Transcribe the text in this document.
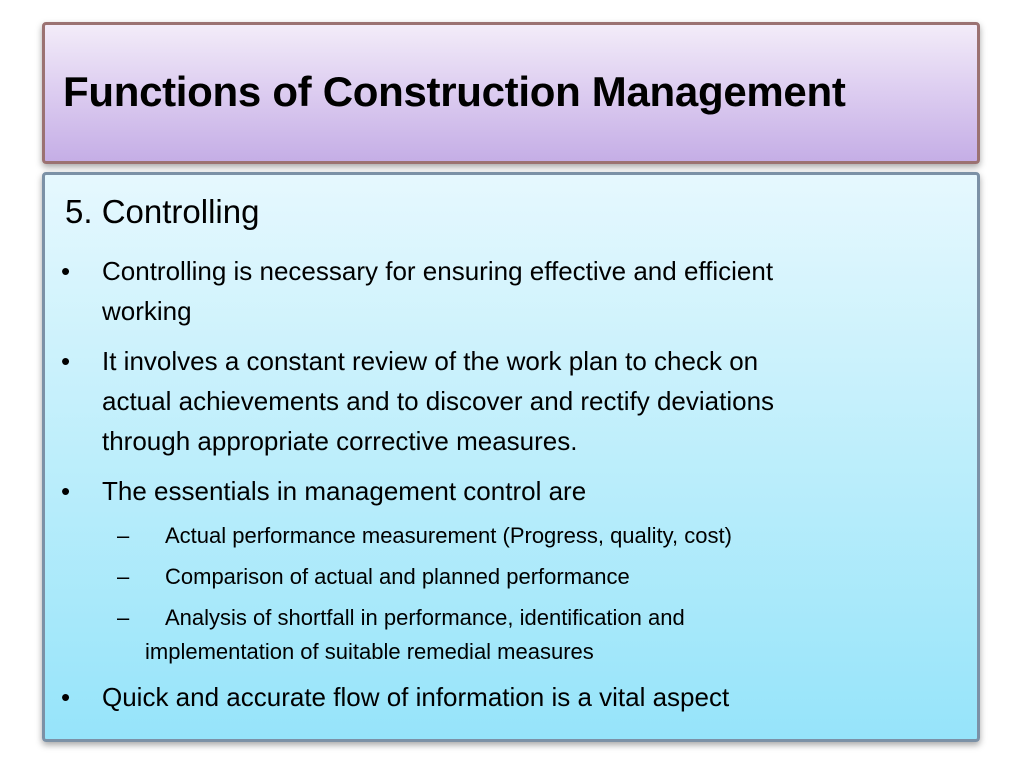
Functions of Construction Management
5. Controlling
• Controlling is necessary for ensuring effective and efficient
working
• It involves a constant review of the work plan to check on
actual achievements and to discover and rectify deviations
through appropriate corrective measures.
• The essentials in management control are
– Actual performance measurement (Progress, quality, cost)
– Comparison of actual and planned performance
– Analysis of shortfall in performance, identification and
implementation of suitable remedial measures
• Quick and accurate flow of information is a vital aspect
